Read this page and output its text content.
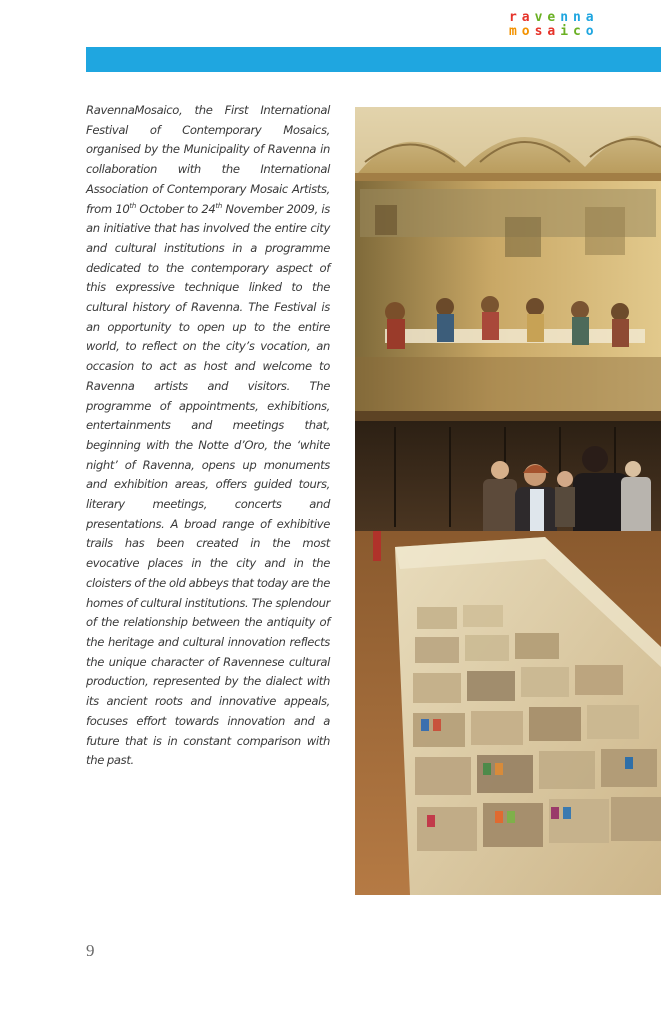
r a v e n n a
m o s a i c o
RavennaMosaico, the First International Festival of Contemporary Mosaics, organised by the Municipality of Ravenna in collaboration with the International Association of Contemporary Mosaic Artists, from 10th October to 24th November 2009, is an initiative that has involved the entire city and cultural institutions in a programme dedicated to the contemporary aspect of this expressive technique linked to the cultural history of Ravenna. The Festival is an opportunity to open up to the entire world, to reflect on the city’s vocation, an occasion to act as host and welcome to Ravenna artists and visitors. The programme of appointments, exhibitions, entertainments and meetings that, beginning with the Notte d’Oro, the ‘white night’ of Ravenna, opens up monuments and exhibition areas, offers guided tours, literary meetings, concerts and presentations. A broad range of exhibitive trails has been created in the most evocative places in the city and in the cloisters of the old abbeys that today are the homes of cultural institutions. The splendour of the relationship between the antiquity of the heritage and cultural innovation reflects the unique character of Ravennese cultural production, represented by the dialect with its ancient roots and innovative appeals, focuses effort towards innovation and a future that is in constant comparison with the past.
9
